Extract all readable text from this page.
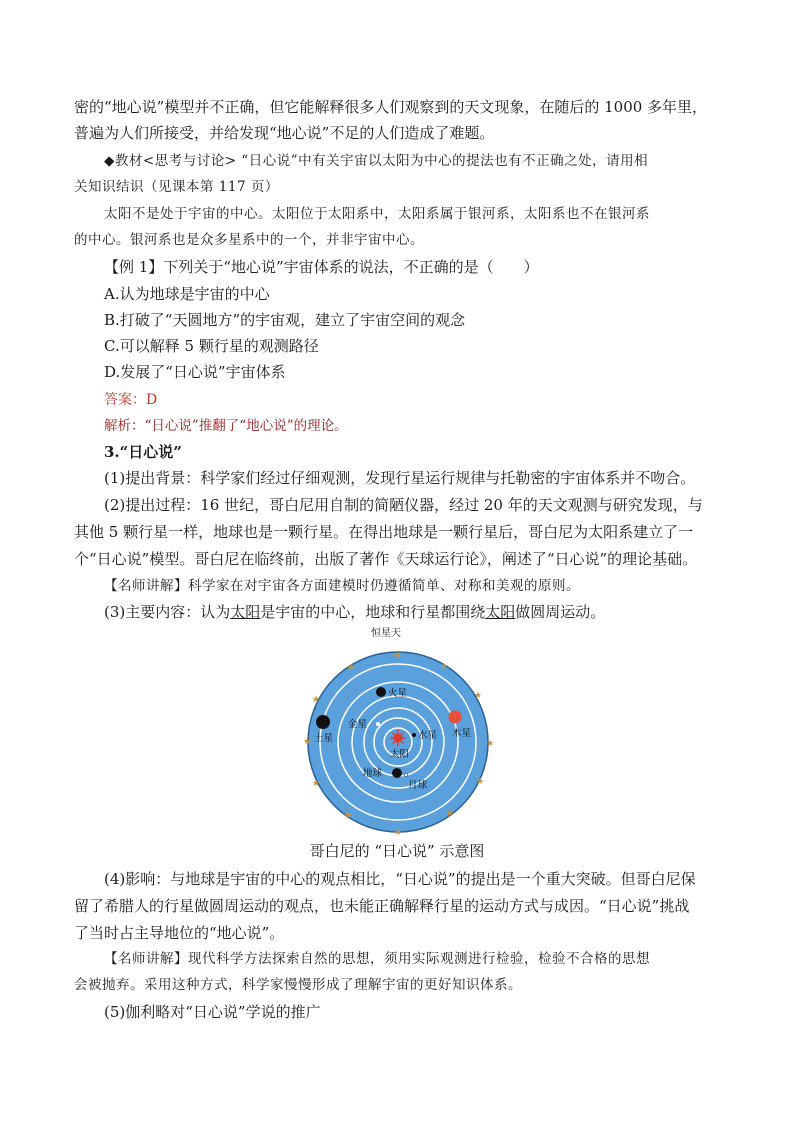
密的“地心说”模型并不正确，但它能解释很多人们观察到的天文现象，在随后的 1000 多年里，
普遍为人们所接受，并给发现“地心说”不足的人们造成了难题。
◆教材<思考与讨论> “日心说”中有关宇宙以太阳为中心的提法也有不正确之处，请用相
关知识结识（见课本第 117 页）
太阳不是处于宇宙的中心。太阳位于太阳系中，太阳系属于银河系，太阳系也不在银河系
的中心。银河系也是众多星系中的一个，并非宇宙中心。
【例 1】下列关于“地心说”宇宙体系的说法，不正确的是（　　）
A.认为地球是宇宙的中心
B.打破了“天圆地方”的宇宙观，建立了宇宙空间的观念
C.可以解释 5 颗行星的观测路径
D.发展了“日心说”宇宙体系
答案：D
解析：“日心说”推翻了“地心说”的理论。
3.“日心说”
(1)提出背景：科学家们经过仔细观测，发现行星运行规律与托勒密的宇宙体系并不吻合。
(2)提出过程：16 世纪，哥白尼用自制的简陋仪器，经过 20 年的天文观测与研究发现，与
其他 5 颗行星一样，地球也是一颗行星。在得出地球是一颗行星后，哥白尼为太阳系建立了一
个“日心说”模型。哥白尼在临终前，出版了著作《天球运行论》，阐述了“日心说”的理论基础。
【名师讲解】科学家在对宇宙各方面建模时仍遵循简单、对称和美观的原则。
(3)主要内容：认为太阳是宇宙的中心，地球和行星都围绕太阳做圆周运动。
★
★
★
★
★
★
★
★
★
★
★
★
恒星天
火星
木星
土星
金星
水星
太阳
地球
月球
哥白尼的 “日心说” 示意图
(4)影响：与地球是宇宙的中心的观点相比，“日心说”的提出是一个重大突破。但哥白尼保
留了希腊人的行星做圆周运动的观点，也未能正确解释行星的运动方式与成因。“日心说”挑战
了当时占主导地位的“地心说”。
【名师讲解】现代科学方法探索自然的思想，须用实际观测进行检验，检验不合格的思想
会被抛弃。采用这种方式，科学家慢慢形成了理解宇宙的更好知识体系。
(5)伽利略对“日心说”学说的推广
